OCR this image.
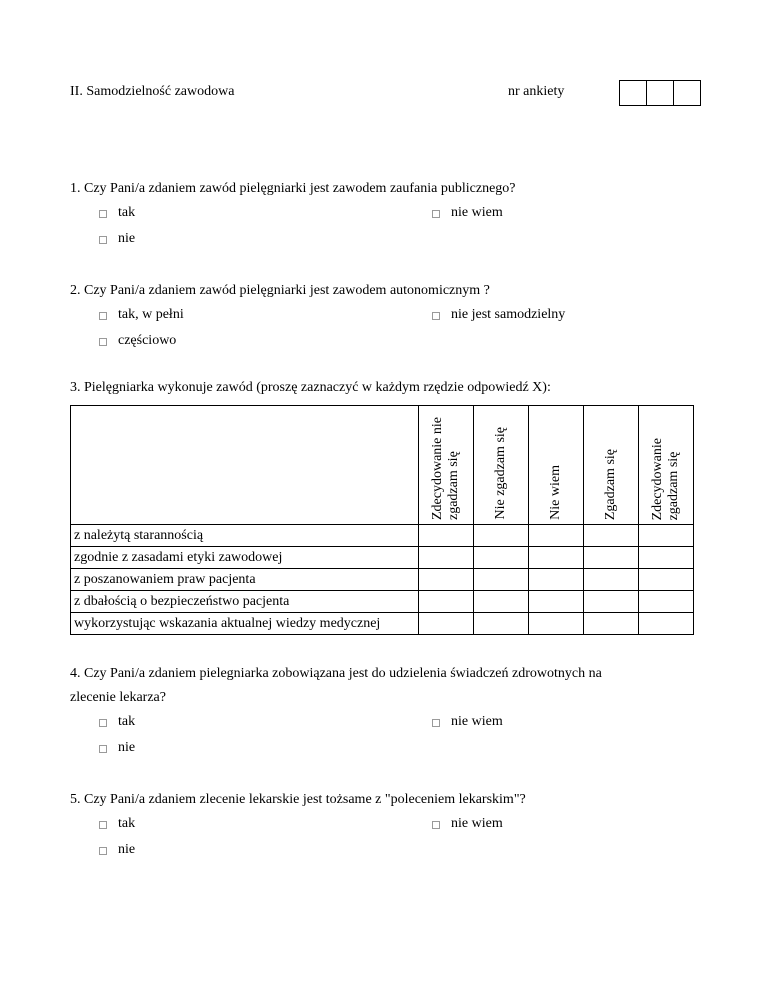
II. Samodzielność zawodowa	nr ankiety
1. Czy Pani/a zdaniem zawód pielęgniarki jest zawodem zaufania publicznego?
tak	nie wiem
nie
2. Czy Pani/a zdaniem zawód pielęgniarki jest zawodem autonomicznym ?
tak, w pełni	nie jest samodzielny
częściowo
3. Pielęgniarka wykonuje zawód (proszę zaznaczyć w każdym rzędzie odpowiedź X):

	Zdecydowanie nie
zgadzam się	Nie zgadzam się	Nie wiem	Zgadzam się	Zdecydowanie
zgadzam się

z należytą starannością					
zgodnie z zasadami etyki zawodowej					
z poszanowaniem praw pacjenta					
z dbałością o bezpieczeństwo pacjenta					
wykorzystując wskazania aktualnej wiedzy medycznej					
4. Czy Pani/a zdaniem pielegniarka zobowiązana jest do udzielenia świadczeń zdrowotnych na
zlecenie lekarza?
tak	nie wiem
nie
5. Czy Pani/a zdaniem zlecenie lekarskie jest tożsame z "poleceniem lekarskim"?
tak	nie wiem
nie
